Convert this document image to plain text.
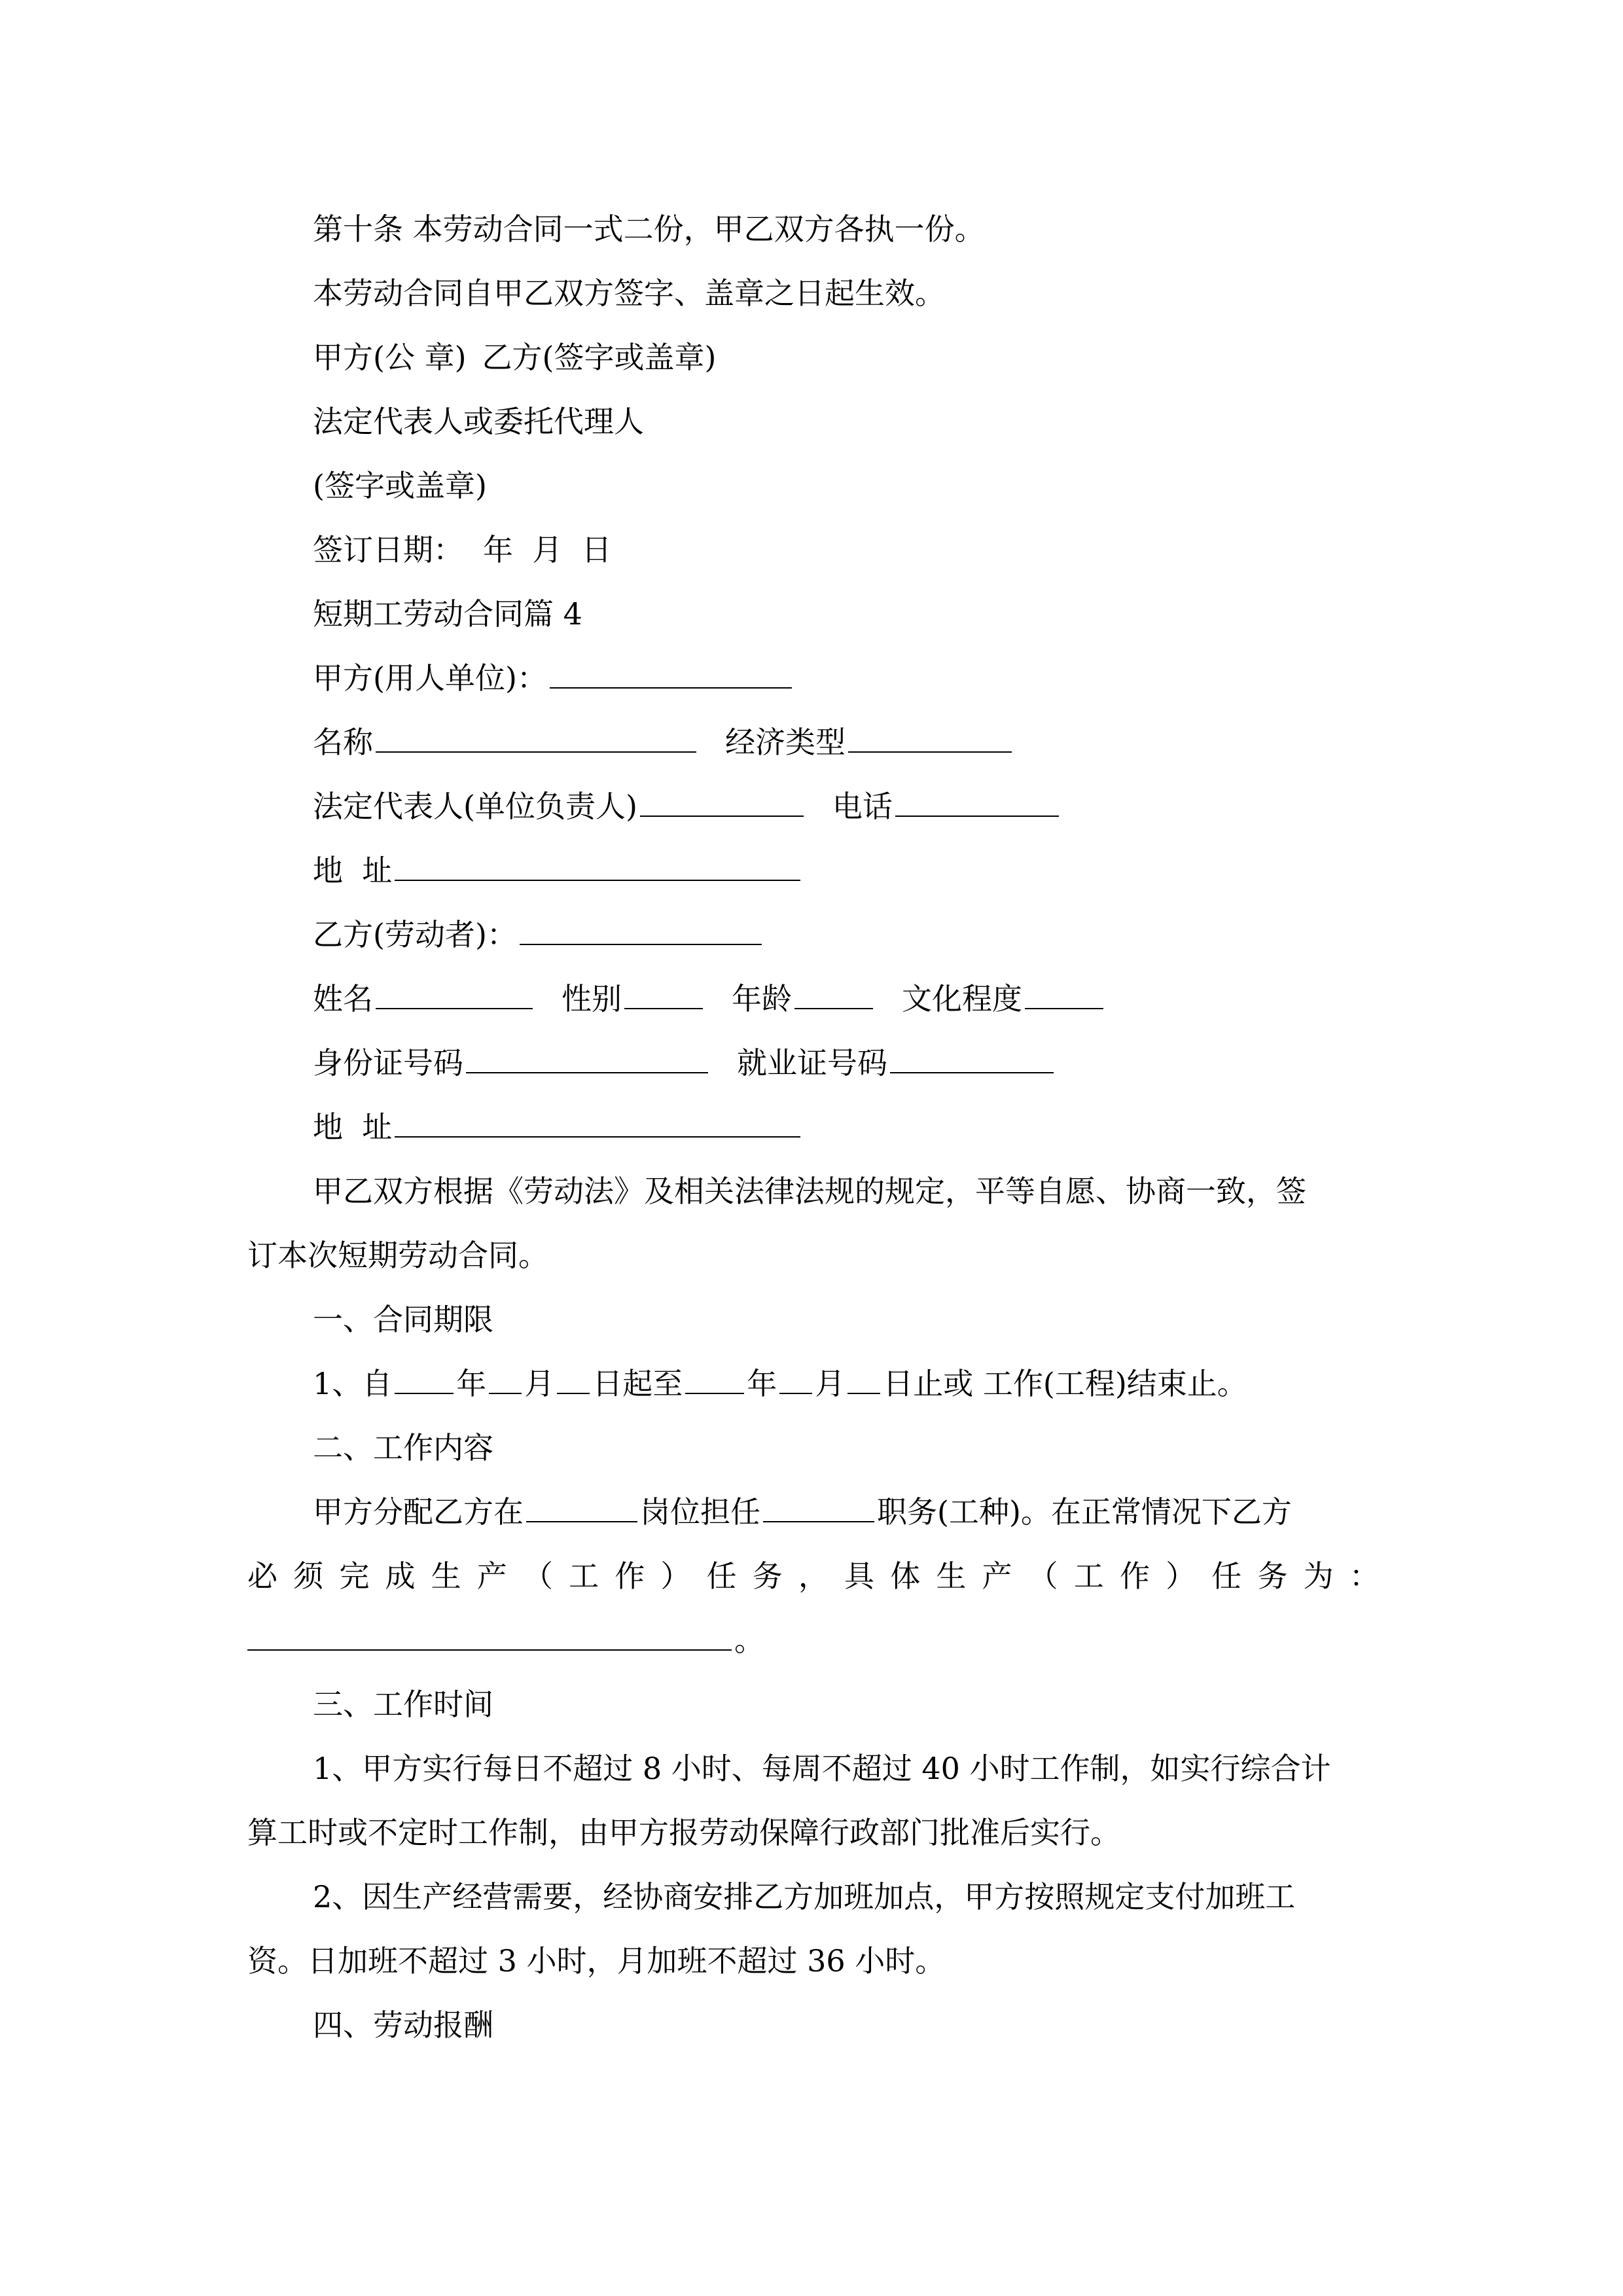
第十条 本劳动合同一式二份，甲乙双方各执一份。
本劳动合同自甲乙双方签字、盖章之日起生效。
甲方(公 章) 乙方(签字或盖章)
法定代表人或委托代理人
(签字或盖章)
签订日期： 年  月  日
短期工劳动合同篇 4
甲方(用人单位)：
名称	经济类型
法定代表人(单位负责人)	电话
地  址
乙方(劳动者)：
姓名	性别	年龄	文化程度
身份证号码	就业证号码
地  址
甲乙双方根据《劳动法》及相关法律法规的规定，平等自愿、协商一致，签
订本次短期劳动合同。
一、合同期限
1、自 年 月 日起至 年 月 日止或 工作(工程)结束止。
二、工作内容
甲方分配乙方在	岗位担任	职务(工种)。在正常情况下乙方
必 须 完 成 生 产 （ 工 作 ） 任 务 ， 具 体 生 产 （ 工 作 ） 任 务 为 ：
。
三、工作时间
1、甲方实行每日不超过 8 小时、每周不超过 40 小时工作制，如实行综合计
算工时或不定时工作制，由甲方报劳动保障行政部门批准后实行。
2、因生产经营需要，经协商安排乙方加班加点，甲方按照规定支付加班工
资。日加班不超过 3 小时，月加班不超过 36 小时。
四、劳动报酬
